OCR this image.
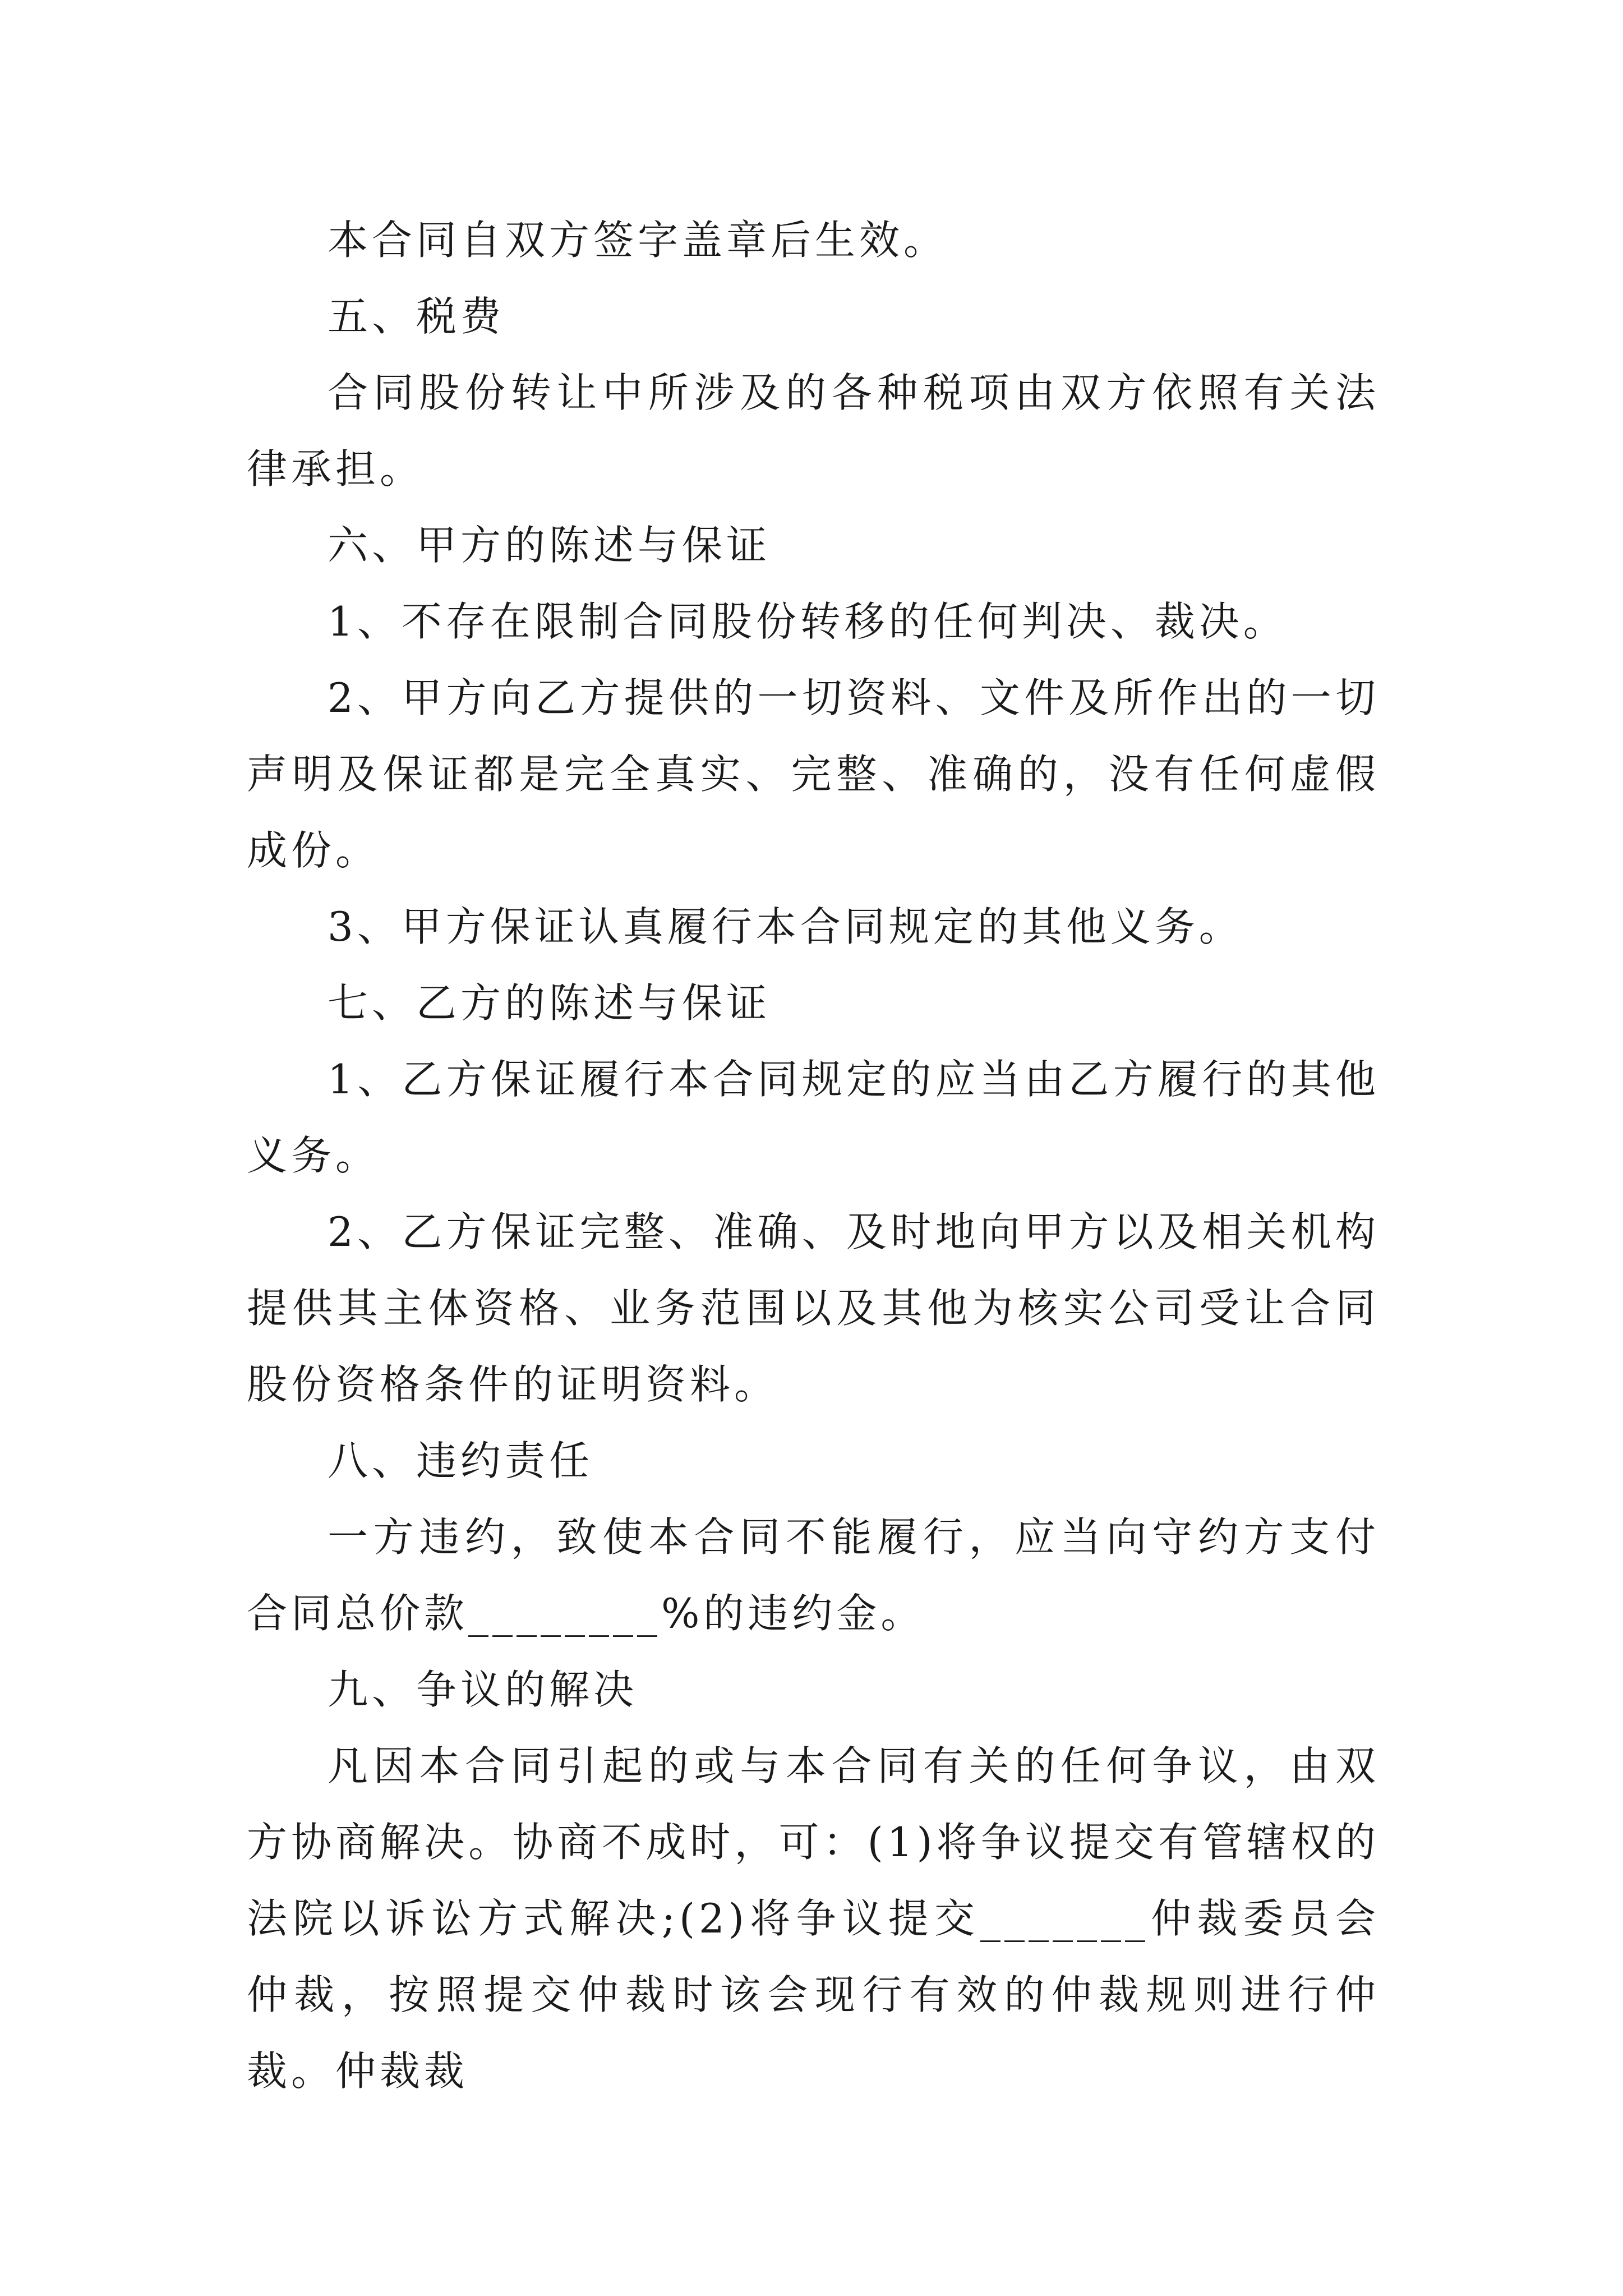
本合同自双方签字盖章后生效。

五、税费

合同股份转让中所涉及的各种税项由双方依照有关法律承担。

六、甲方的陈述与保证

1、不存在限制合同股份转移的任何判决、裁决。

2、甲方向乙方提供的一切资料、文件及所作出的一切声明及保证都是完全真实、完整、准确的，没有任何虚假成份。

3、甲方保证认真履行本合同规定的其他义务。

七、乙方的陈述与保证

1、乙方保证履行本合同规定的应当由乙方履行的其他义务。

2、乙方保证完整、准确、及时地向甲方以及相关机构提供其主体资格、业务范围以及其他为核实公司受让合同股份资格条件的证明资料。

八、违约责任

一方违约，致使本合同不能履行，应当向守约方支付合同总价款________%的违约金。

九、争议的解决

凡因本合同引起的或与本合同有关的任何争议，由双方协商解决。协商不成时，可：(1)将争议提交有管辖权的法院以诉讼方式解决;(2)将争议提交_______仲裁委员会仲裁，按照提交仲裁时该会现行有效的仲裁规则进行仲裁。仲裁裁
